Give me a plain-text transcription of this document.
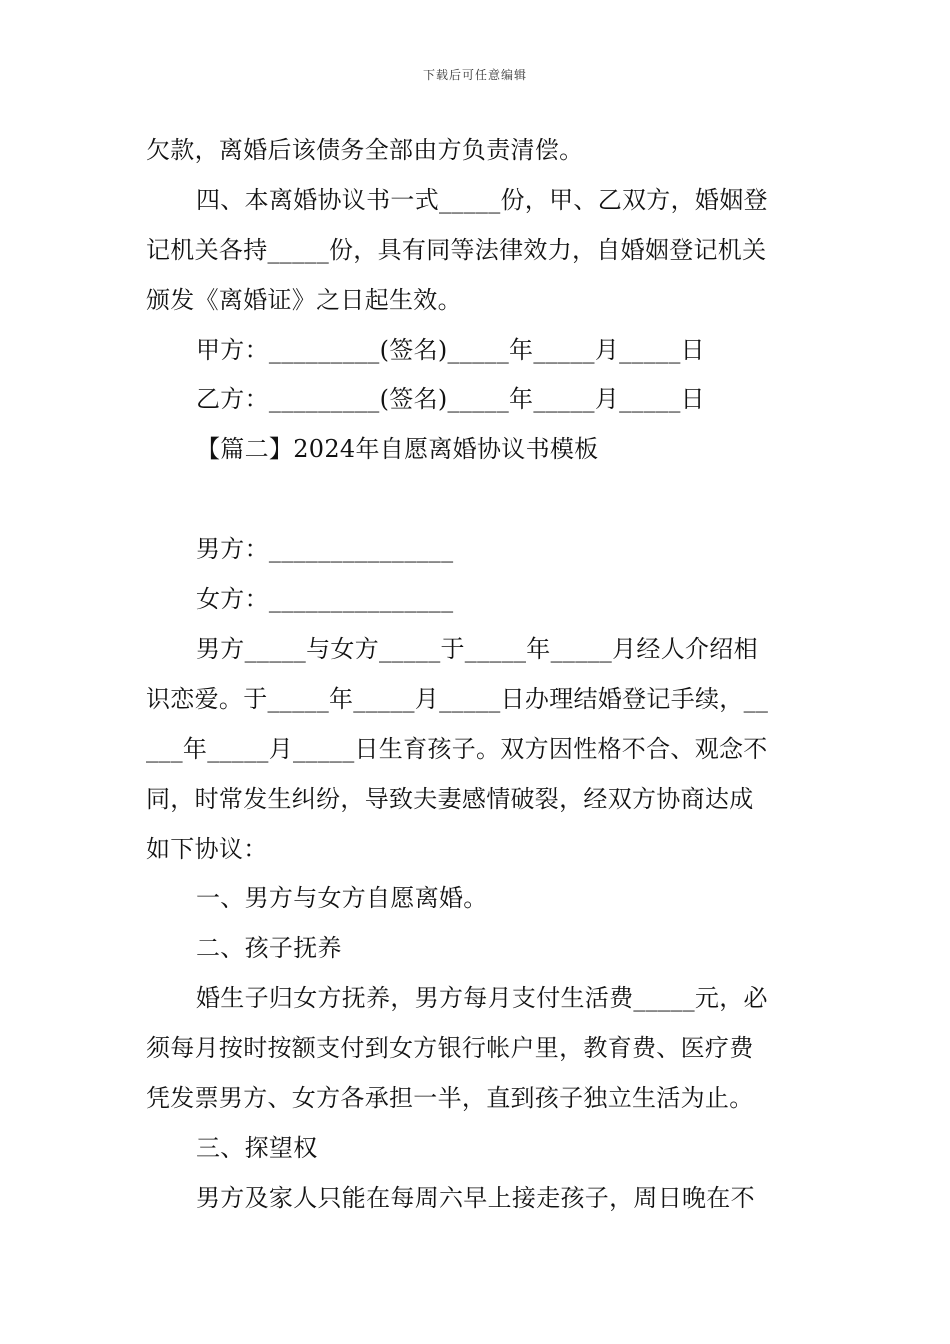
下载后可任意编辑
欠款，离婚后该债务全部由方负责清偿。
四、本离婚协议书一式_____份，甲、乙双方，婚姻登
记机关各持_____份，具有同等法律效力，自婚姻登记机关
颁发《离婚证》之日起生效。
甲方：_________(签名)_____年_____月_____日
乙方：_________(签名)_____年_____月_____日
【篇二】2024年自愿离婚协议书模板
男方：_______________
女方：_______________
男方_____与女方_____于_____年_____月经人介绍相
识恋爱。于_____年_____月_____日办理结婚登记手续，__
___年_____月_____日生育孩子。双方因性格不合、观念不
同，时常发生纠纷，导致夫妻感情破裂，经双方协商达成
如下协议：
一、男方与女方自愿离婚。
二、孩子抚养
婚生子归女方抚养，男方每月支付生活费_____元，必
须每月按时按额支付到女方银行帐户里，教育费、医疗费
凭发票男方、女方各承担一半，直到孩子独立生活为止。
三、探望权
男方及家人只能在每周六早上接走孩子，周日晚在不
